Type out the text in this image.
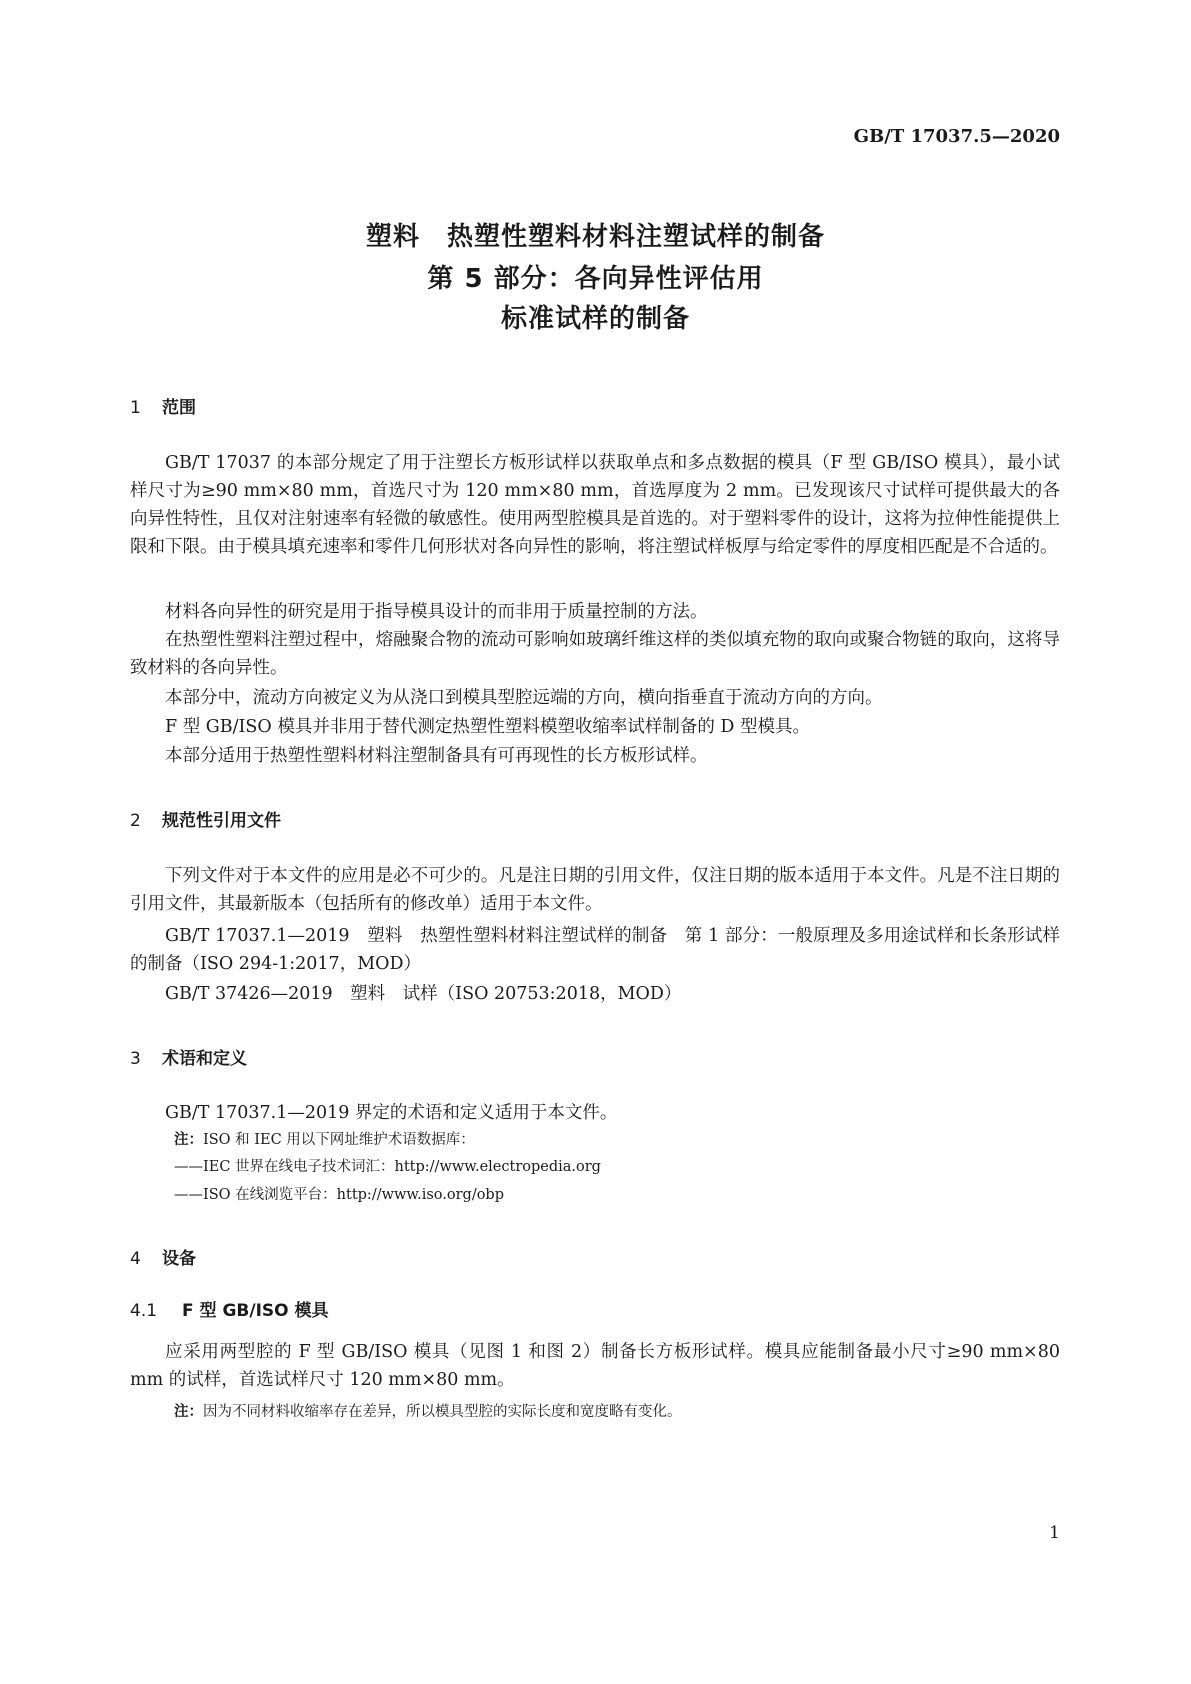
GB/T 17037.5—2020
塑料　热塑性塑料材料注塑试样的制备
第 5 部分：各向异性评估用
标准试样的制备
1 范围

GB/T 17037 的本部分规定了用于注塑长方板形试样以获取单点和多点数据的模具（F 型 GB/ISO 模具），最小试样尺寸为≥90 mm×80 mm，首选尺寸为 120 mm×80 mm，首选厚度为 2 mm。已发现该尺寸试样可提供最大的各向异性特性，且仅对注射速率有轻微的敏感性。使用两型腔模具是首选的。对于塑料零件的设计，这将为拉伸性能提供上限和下限。由于模具填充速率和零件几何形状对各向异性的影响，将注塑试样板厚与给定零件的厚度相匹配是不合适的。

材料各向异性的研究是用于指导模具设计的而非用于质量控制的方法。

在热塑性塑料注塑过程中，熔融聚合物的流动可影响如玻璃纤维这样的类似填充物的取向或聚合物链的取向，这将导致材料的各向异性。

本部分中，流动方向被定义为从浇口到模具型腔远端的方向，横向指垂直于流动方向的方向。

F 型 GB/ISO 模具并非用于替代测定热塑性塑料模塑收缩率试样制备的 D 型模具。

本部分适用于热塑性塑料材料注塑制备具有可再现性的长方板形试样。

2 规范性引用文件

下列文件对于本文件的应用是必不可少的。凡是注日期的引用文件，仅注日期的版本适用于本文件。凡是不注日期的引用文件，其最新版本（包括所有的修改单）适用于本文件。

GB/T 17037.1—2019　塑料　热塑性塑料材料注塑试样的制备　第 1 部分：一般原理及多用途试样和长条形试样的制备（ISO 294-1:2017，MOD）

GB/T 37426—2019　塑料　试样（ISO 20753:2018，MOD）

3 术语和定义

GB/T 17037.1—2019 界定的术语和定义适用于本文件。

注：ISO 和 IEC 用以下网址维护术语数据库：
——IEC 世界在线电子技术词汇：http://www.electropedia.org
——ISO 在线浏览平台：http://www.iso.org/obp
4 设备
4.1 F 型 GB/ISO 模具

应采用两型腔的 F 型 GB/ISO 模具（见图 1 和图 2）制备长方板形试样。模具应能制备最小尺寸≥90 mm×80 mm 的试样，首选试样尺寸 120 mm×80 mm。

注：因为不同材料收缩率存在差异，所以模具型腔的实际长度和宽度略有变化。
1
